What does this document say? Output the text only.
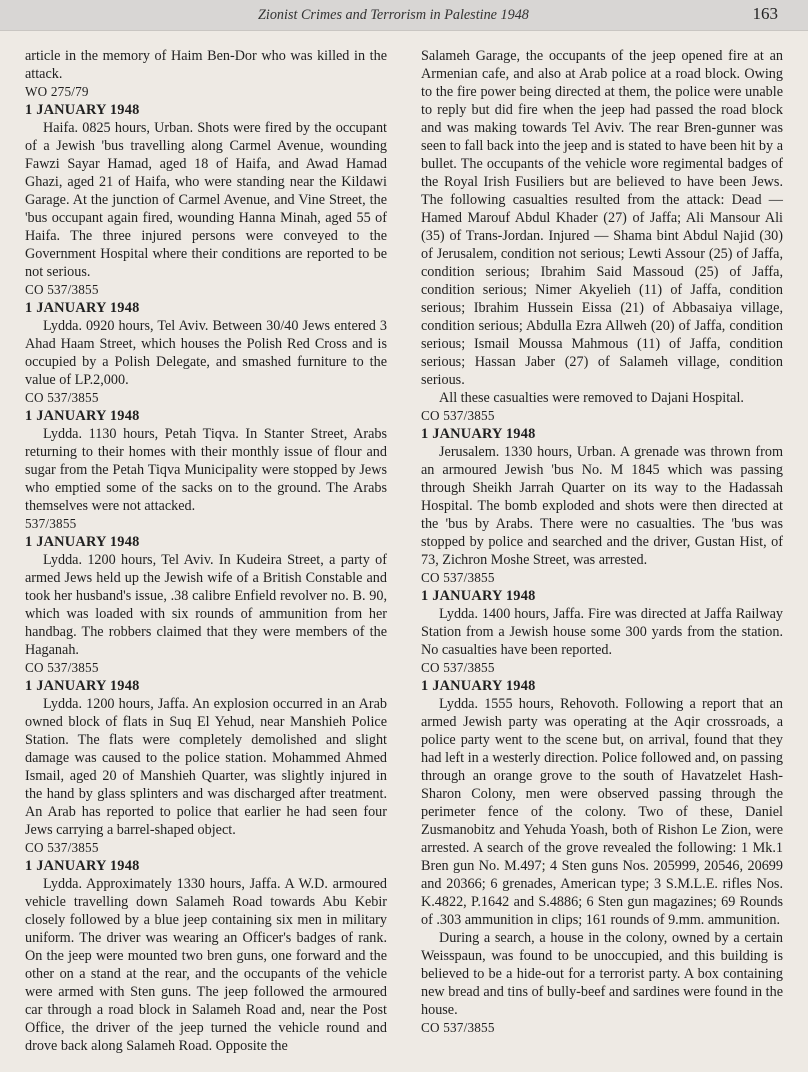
Zionist Crimes and Terrorism in Palestine 1948	163

article in the memory of Haim Ben-Dor who was killed in the attack.

WO 275/79

1 JANUARY 1948

Haifa. 0825 hours, Urban. Shots were fired by the occupant of a Jewish 'bus travelling along Carmel Avenue, wounding Fawzi Sayar Hamad, aged 18 of Haifa, and Awad Hamad Ghazi, aged 21 of Haifa, who were standing near the Kildawi Garage. At the junction of Carmel Avenue, and Vine Street, the 'bus occupant again fired, wounding Hanna Minah, aged 55 of Haifa. The three injured persons were conveyed to the Government Hospital where their conditions are reported to be not serious.

CO 537/3855

1 JANUARY 1948

Lydda. 0920 hours, Tel Aviv. Between 30/40 Jews entered 3 Ahad Haam Street, which houses the Polish Red Cross and is occupied by a Polish Delegate, and smashed furniture to the value of LP.2,000.

CO 537/3855

1 JANUARY 1948

Lydda. 1130 hours, Petah Tiqva. In Stanter Street, Arabs returning to their homes with their monthly issue of flour and sugar from the Petah Tiqva Municipality were stopped by Jews who emptied some of the sacks on to the ground. The Arabs themselves were not attacked.

537/3855

1 JANUARY 1948

Lydda. 1200 hours, Tel Aviv. In Kudeira Street, a party of armed Jews held up the Jewish wife of a British Constable and took her husband's issue, .38 calibre Enfield revolver no. B. 90, which was loaded with six rounds of ammunition from her handbag. The robbers claimed that they were members of the Haganah.

CO 537/3855

1 JANUARY 1948

Lydda. 1200 hours, Jaffa. An explosion occurred in an Arab owned block of flats in Suq El Yehud, near Manshieh Police Station. The flats were completely demolished and slight damage was caused to the police station. Mohammed Ahmed Ismail, aged 20 of Manshieh Quarter, was slightly injured in the hand by glass splinters and was discharged after treatment. An Arab has reported to police that earlier he had seen four Jews carrying a barrel-shaped object.

CO 537/3855

1 JANUARY 1948

Lydda. Approximately 1330 hours, Jaffa. A W.D. armoured vehicle travelling down Salameh Road towards Abu Kebir closely followed by a blue jeep containing six men in military uniform. The driver was wearing an Officer's badges of rank. On the jeep were mounted two bren guns, one forward and the other on a stand at the rear, and the occupants of the vehicle were armed with Sten guns. The jeep followed the armoured car through a road block in Salameh Road and, near the Post Office, the driver of the jeep turned the vehicle round and drove back along Salameh Road. Opposite the

Salameh Garage, the occupants of the jeep opened fire at an Armenian cafe, and also at Arab police at a road block. Owing to the fire power being directed at them, the police were unable to reply but did fire when the jeep had passed the road block and was making towards Tel Aviv. The rear Bren-gunner was seen to fall back into the jeep and is stated to have been hit by a bullet. The occupants of the vehicle wore regimental badges of the Royal Irish Fusiliers but are believed to have been Jews. The following casualties resulted from the attack: Dead — Hamed Marouf Abdul Khader (27) of Jaffa; Ali Mansour Ali (35) of Trans-Jordan. Injured — Shama bint Abdul Najid (30) of Jerusalem, condition not serious; Lewti Assour (25) of Jaffa, condition serious; Ibrahim Said Massoud (25) of Jaffa, condition serious; Nimer Akyelieh (11) of Jaffa, condition serious; Ibrahim Hussein Eissa (21) of Abbasaiya village, condition serious; Abdulla Ezra Allweh (20) of Jaffa, condition serious; Ismail Moussa Mahmous (11) of Jaffa, condition serious; Hassan Jaber (27) of Salameh village, condition serious.

All these casualties were removed to Dajani Hospital.

CO 537/3855

1 JANUARY 1948

Jerusalem. 1330 hours, Urban. A grenade was thrown from an armoured Jewish 'bus No. M 1845 which was passing through Sheikh Jarrah Quarter on its way to the Hadassah Hospital. The bomb exploded and shots were then directed at the 'bus by Arabs. There were no casualties. The 'bus was stopped by police and searched and the driver, Gustan Hist, of 73, Zichron Moshe Street, was arrested.

CO 537/3855

1 JANUARY 1948

Lydda. 1400 hours, Jaffa. Fire was directed at Jaffa Railway Station from a Jewish house some 300 yards from the station. No casualties have been reported.

CO 537/3855

1 JANUARY 1948

Lydda. 1555 hours, Rehovoth. Following a report that an armed Jewish party was operating at the Aqir crossroads, a police party went to the scene but, on arrival, found that they had left in a westerly direction. Police followed and, on passing through an orange grove to the south of Havatzelet Hash-Sharon Colony, men were observed passing through the perimeter fence of the colony. Two of these, Daniel Zusmanobitz and Yehuda Yoash, both of Rishon Le Zion, were arrested. A search of the grove revealed the following: 1 Mk.1 Bren gun No. M.497; 4 Sten guns Nos. 205999, 20546, 20699 and 20366; 6 grenades, American type; 3 S.M.L.E. rifles Nos. K.4822, P.1642 and S.4886; 6 Sten gun magazines; 69 Rounds of .303 ammunition in clips; 161 rounds of 9.mm. ammunition.

During a search, a house in the colony, owned by a certain Weisspaun, was found to be unoccupied, and this building is believed to be a hide-out for a terrorist party. A box containing new bread and tins of bully-beef and sardines were found in the house.

CO 537/3855
